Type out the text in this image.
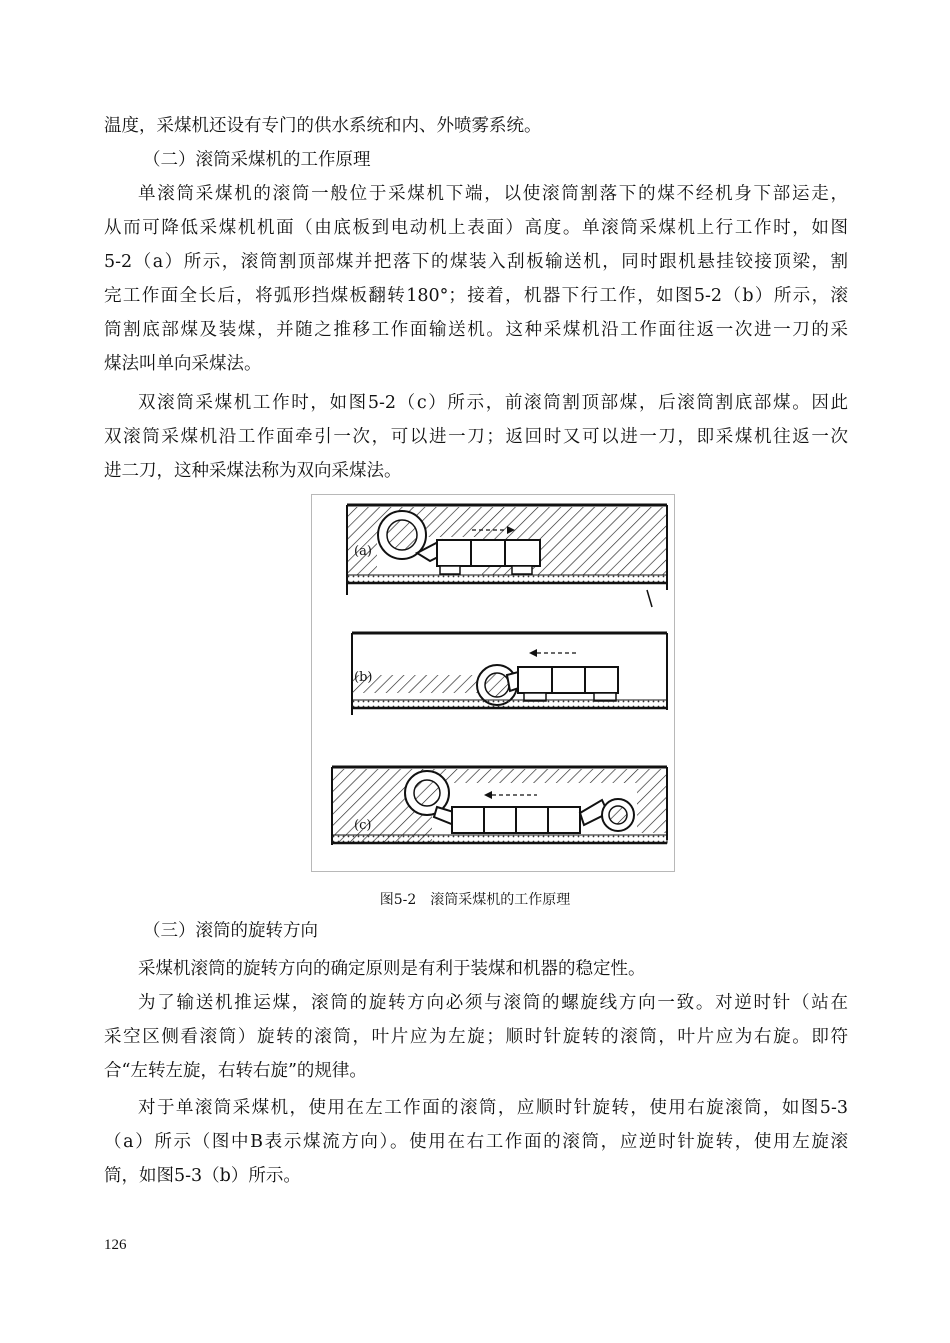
温度，采煤机还设有专门的供水系统和内、外喷雾系统。
（二）滚筒采煤机的工作原理
单滚筒采煤机的滚筒一般位于采煤机下端，以使滚筒割落下的煤不经机身下部运走，
从而可降低采煤机机面（由底板到电动机上表面）高度。单滚筒采煤机上行工作时，如图
5-2（a）所示，滚筒割顶部煤并把落下的煤装入刮板输送机，同时跟机悬挂铰接顶梁，割
完工作面全长后，将弧形挡煤板翻转180°；接着，机器下行工作，如图5-2（b）所示，滚
筒割底部煤及装煤，并随之推移工作面输送机。这种采煤机沿工作面往返一次进一刀的采
煤法叫单向采煤法。
双滚筒采煤机工作时，如图5-2（c）所示，前滚筒割顶部煤，后滚筒割底部煤。因此
双滚筒采煤机沿工作面牵引一次，可以进一刀；返回时又可以进一刀，即采煤机往返一次
进二刀，这种采煤法称为双向采煤法。
(a)
(b)
(c)
图5-2　滚筒采煤机的工作原理
（三）滚筒的旋转方向
采煤机滚筒的旋转方向的确定原则是有利于装煤和机器的稳定性。
为了输送机推运煤，滚筒的旋转方向必须与滚筒的螺旋线方向一致。对逆时针（站在
采空区侧看滚筒）旋转的滚筒，叶片应为左旋；顺时针旋转的滚筒，叶片应为右旋。即符
合“左转左旋，右转右旋”的规律。
对于单滚筒采煤机，使用在左工作面的滚筒，应顺时针旋转，使用右旋滚筒，如图5-3
（a）所示（图中B表示煤流方向）。使用在右工作面的滚筒，应逆时针旋转，使用左旋滚
筒，如图5-3（b）所示。
126
